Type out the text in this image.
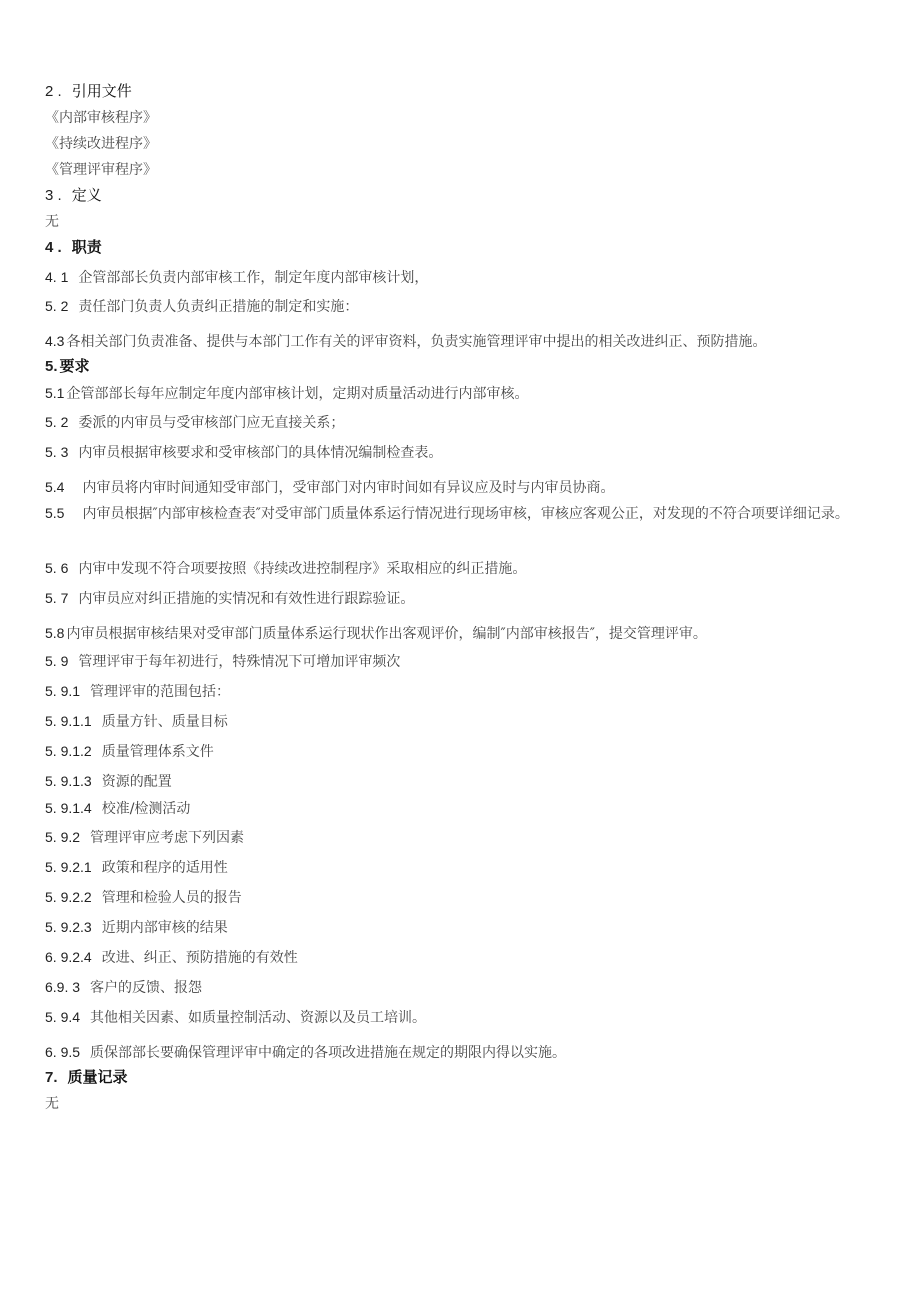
2 . 引用文件
《内部审核程序》
《持续改进程序》
《管理评审程序》
3 . 定义
无
4 . 职责
4. 1 企管部部长负责内部审核工作，制定年度内部审核计划，
5. 2 责任部门负责人负责纠正措施的制定和实施：
4.3 各相关部门负责准备、提供与本部门工作有关的评审资料，负责实施管理评审中提出的相关改进纠正、预防措施。
5. 要求
5.1 企管部部长每年应制定年度内部审核计划，定期对质量活动进行内部审核。
5. 2 委派的内审员与受审核部门应无直接关系；
5. 3 内审员根据审核要求和受审核部门的具体情况编制检查表。
5.4 内审员将内审时间通知受审部门，受审部门对内审时间如有异议应及时与内审员协商。
5.5 内审员根据″内部审核检查表″对受审部门质量体系运行情况进行现场审核，审核应客观公正，对发现的不符合项要详细记录。
5. 6 内审中发现不符合项要按照《持续改进控制程序》采取相应的纠正措施。
5. 7 内审员应对纠正措施的实情况和有效性进行跟踪验证。
5.8 内审员根据审核结果对受审部门质量体系运行现状作出客观评价，编制″内部审核报告″，提交管理评审。
5. 9 管理评审于每年初进行，特殊情况下可增加评审频次
5. 9.1 管理评审的范围包括：
5. 9.1.1 质量方针、质量目标
5. 9.1.2 质量管理体系文件
5. 9.1.3 资源的配置
5. 9.1.4 校准/检测活动
5. 9.2 管理评审应考虑下列因素
5. 9.2.1 政策和程序的适用性
5. 9.2.2 管理和检验人员的报告
5. 9.2.3 近期内部审核的结果
6. 9.2.4 改进、纠正、预防措施的有效性
6.9. 3 客户的反馈、报怨
5. 9.4 其他相关因素、如质量控制活动、资源以及员工培训。
6. 9.5 质保部部长要确保管理评审中确定的各项改进措施在规定的期限内得以实施。
7. 质量记录
无
